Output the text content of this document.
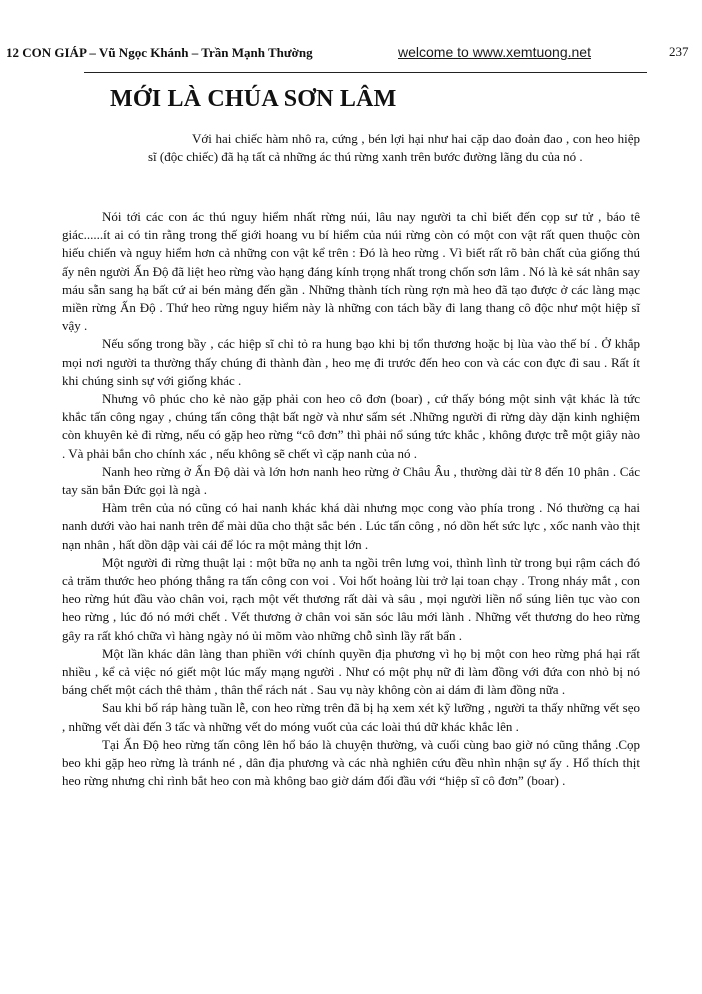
12 CON GIÁP – Vũ Ngọc Khánh – Trần Mạnh Thường	welcome to www.xemtuong.net	237
MỚI LÀ CHÚA SƠN LÂM

Với hai chiếc hàm nhô ra, cứng , bén lợi hại như hai cặp dao đoản đao , con heo hiệp sĩ (độc chiếc) đã hạ tất cả những ác thú rừng xanh trên bước đường lãng du của nó .

Nói tới các con ác thú nguy hiểm nhất rừng núi, lâu nay người ta chỉ biết đến cọp sư tử , báo tê giác......ít ai có tin rằng trong thế giới hoang vu bí hiểm của núi rừng còn có một con vật rất quen thuộc còn hiếu chiến và nguy hiểm hơn cả những con vật kể trên : Đó là heo rừng . Vì biết rất rõ bản chất của giống thú ấy nên người Ấn Độ đã liệt heo rừng vào hạng đáng kính trọng nhất trong chốn sơn lâm . Nó là kẻ sát nhân say máu sẵn sang hạ bất cứ ai bén mảng đến gần . Những thành tích rùng rợn mà heo đã tạo được ở các làng mạc miền rừng Ấn Độ . Thứ heo rừng nguy hiểm này là những con tách bầy đi lang thang cô độc như một hiệp sĩ vậy .

Nếu sống trong bầy , các hiệp sĩ chỉ tỏ ra hung bạo khi bị tổn thương hoặc bị lùa vào thế bí . Ở khắp mọi nơi người ta thường thấy chúng đi thành đàn , heo mẹ đi trước đến heo con và các con đực đi sau . Rất ít khi chúng sinh sự với giống khác .

Nhưng vô phúc cho kẻ nào gặp phải con heo cô đơn (boar) , cứ thấy bóng một sinh vật khác là tức khắc tấn công ngay , chúng tấn công thật bất ngờ và như sấm sét .Những người đi rừng dày dặn kinh nghiệm còn khuyên kẻ đi rừng, nếu có gặp heo rừng “cô đơn” thì phải nổ súng tức khắc , không được trễ một giây nào . Và phải bắn cho chính xác , nếu không sẽ chết vì cặp nanh của nó .

Nanh heo rừng ở Ấn Độ dài và lớn hơn nanh heo rừng ở Châu Âu , thường dài từ 8 đến 10 phân . Các tay săn bắn Đức gọi là ngà .

Hàm trên của nó cũng có hai nanh khác khá dài nhưng mọc cong vào phía trong . Nó thường cạ hai nanh dưới vào hai nanh trên để mài dũa cho thật sắc bén . Lúc tấn công , nó dồn hết sức lực , xốc nanh vào thịt nạn nhân , hất dồn dập vài cái để lóc ra một mảng thịt lớn .

Một người đi rừng thuật lại : một bữa nọ anh ta ngồi trên lưng voi, thình lình từ trong bụi rậm cách đó cả trăm thước heo phóng thẳng ra tấn công con voi . Voi hốt hoảng lùi trở lại toan chạy . Trong nháy mắt , con heo rừng hút đầu vào chân voi, rạch một vết thương rất dài và sâu , mọi người liền nổ súng liên tục vào con heo rừng , lúc đó nó mới chết . Vết thương ở chân voi săn sóc lâu mới lành . Những vết thương do heo rừng gây ra rất khó chữa vì hàng ngày nó ủi mõm vào những chỗ sình lầy rất bẩn .

Một lần khác dân làng than phiền với chính quyền địa phương vì họ bị một con heo rừng phá hại rất nhiều , kể cả việc nó giết một lúc mấy mạng người . Như có một phụ nữ đi làm đồng với đứa con nhỏ bị nó báng chết một cách thê thảm , thân thể rách nát . Sau vụ này không còn ai dám đi làm đồng nữa .

Sau khi bố ráp hàng tuần lễ, con heo rừng trên đã bị hạ xem xét kỹ lưỡng , người ta thấy những vết sẹo , những vết dài đến 3 tấc và những vết do móng vuốt của các loài thú dữ khác khắc lên .

Tại Ấn Độ heo rừng tấn công lên hổ báo là chuyện thường, và cuối cùng bao giờ nó cũng thắng .Cọp beo khi gặp heo rừng là tránh né , dân địa phương và các nhà nghiên cứu đều nhìn nhận sự ấy . Hổ thích thịt heo rừng nhưng chỉ rình bắt heo con mà không bao giờ dám đối đầu với “hiệp sĩ cô đơn” (boar) .
